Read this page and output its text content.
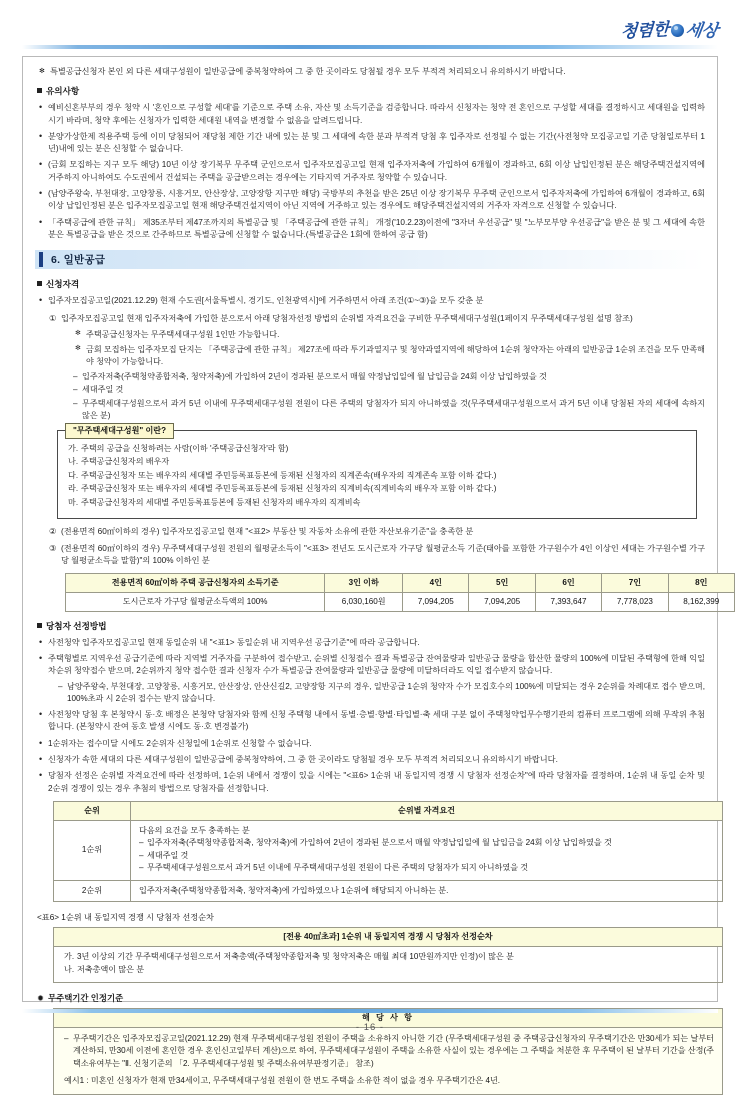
청렴한 세상
✻ 특별공급신청자 본인 외 다른 세대구성원이 일반공급에 중복청약하여 그 중 한 곳이라도 당첨될 경우 모두 부적격 처리되오니 유의하시기 바랍니다.
유의사항
• 예비신혼부부의 경우 청약 시 '혼인으로 구성할 세대'를 기준으로 주택 소유, 자산 및 소득기준을 검증합니다. 따라서 신청자는 청약 전 혼인으로 구성할 세대를 결정하시고 세대원을 입력하시기 바라며, 청약 후에는 신청자가 입력한 세대원 내역을 변경할 수 없음을 알려드립니다.
• 분양가상한제 적용주택 등에 이미 당첨되어 재당첨 제한 기간 내에 있는 분 및 그 세대에 속한 분과 부적격 당첨 후 입주자로 선정될 수 없는 기간(사전청약 모집공고일 기준 당첨일로부터 1년)내에 있는 분은 신청할 수 없습니다.
• (금회 모집하는 지구 모두 해당) 10년 이상 장기복무 무주택 군인으로서 입주자모집공고일 현재 입주자저축에 가입하여 6개월이 경과하고, 6회 이상 납입인정된 분은 해당주택건설지역에 거주하지 아니하여도 수도권에서 건설되는 주택을 공급받으려는 경우에는 기타지역 거주자로 청약할 수 있습니다.
• (남양주왕숙, 부천대장, 고양창릉, 시흥거모, 안산장상, 고양장항 지구만 해당) 국방부의 추천을 받은 25년 이상 장기복무 무주택 군인으로서 입주자저축에 가입하여 6개월이 경과하고, 6회 이상 납입인정된 분은 입주자모집공고일 현재 해당주택건설지역이 아닌 지역에 거주하고 있는 경우에도 해당주택건설지역의 거주자 자격으로 신청할 수 있습니다.
• 「주택공급에 관한 규칙」 제35조부터 제47조까지의 특별공급 및 「주택공급에 관한 규칙」 개정('10.2.23)이전에 "3자녀 우선공급" 및 "노부모부양 우선공급"을 받은 분 및 그 세대에 속한 분은 특별공급을 받은 것으로 간주하므로 특별공급에 신청할 수 없습니다.(특별공급은 1회에 한하여 공급 함)
6. 일반공급
신청자격
• 입주자모집공고일(2021.12.29) 현재 수도권[서울특별시, 경기도, 인천광역시]에 거주하면서 아래 조건(①~③)을 모두 갖춘 분
① 입주자모집공고일 현재 입주자저축에 가입한 분으로서 아래 당첨자선정 방법의 순위별 자격요건을 구비한 무주택세대구성원(1페이지 무주택세대구성원 설명 참조)
✻ 주택공급신청자는 무주택세대구성원 1인만 가능합니다.
✻ 금회 모집하는 입주자모집 단지는 「주택공급에 관한 규칙」 제27조에 따라 투기과열지구 및 청약과열지역에 해당하여 1순위 청약자는 아래의 일반공급 1순위 조건을 모두 만족해야 청약이 가능합니다.
– 입주자저축(주택청약종합저축, 청약저축)에 가입하여 2년이 경과된 분으로서 매월 약정납입일에 월 납입금을 24회 이상 납입하였을 것
– 세대주일 것
– 무주택세대구성원으로서 과거 5년 이내에 무주택세대구성원 전원이 다른 주택의 당첨자가 되지 아니하였을 것(무주택세대구성원으로서 과거 5년 이내 당첨된 자의 세대에 속하지 않은 분)
"무주택세대구성원" 이란?
가. 주택의 공급을 신청하려는 사람(이하 '주택공급신청자'라 함)
나. 주택공급신청자의 배우자
다. 주택공급신청자 또는 배우자의 세대별 주민등록표등본에 등재된 신청자의 직계존속(배우자의 직계존속 포함 이하 같다.)
라. 주택공급신청자 또는 배우자의 세대별 주민등록표등본에 등재된 신청자의 직계비속(직계비속의 배우자 포함 이하 같다.)
마. 주택공급신청자의 세대별 주민등록표등본에 등재된 신청자의 배우자의 직계비속
② (전용면적 60㎡이하의 경우) 입주자모집공고일 현재 "<표2> 부동산 및 자동차 소유에 관한 자산보유기준"을 충족한 분
③ (전용면적 60㎡이하의 경우) 무주택세대구성원 전원의 월평균소득이 "<표3> 전년도 도시근로자 가구당 월평균소득 기준(태아를 포함한 가구원수가 4인 이상인 세대는 가구원수별 가구당 월평균소득을 말함)"의 100% 이하인 분
전용면적 60㎡이하 주택 공급신청자의 소득기준	3인 이하	4인	5인	6인	7인	8인
도시근로자 가구당 월평균소득액의 100%	6,030,160원	7,094,205	7,094,205	7,393,647	7,778,023	8,162,399
당첨자 선정방법
• 사전청약 입주자모집공고일 현재 동일순위 내 "<표1> 동일순위 내 지역우선 공급기준"에 따라 공급합니다.
• 주택형별로 지역우선 공급기준에 따라 지역별 거주자를 구분하여 접수받고, 순위별 신청접수 결과 특별공급 잔여물량과 일반공급 물량을 합산한 물량의 100%에 미달된 주택형에 한해 익일 차순위 청약접수 받으며, 2순위까지 청약 접수한 결과 신청자 수가 특별공급 잔여물량과 일반공급 물량에 미달하더라도 익일 접수받지 않습니다.
– 남양주왕숙, 부천대장, 고양창릉, 시흥거모, 안산장상, 안산신길2, 고양장항 지구의 경우, 일반공급 1순위 청약자 수가 모집호수의 100%에 미달되는 경우 2순위를 차례대로 접수 받으며, 100%초과 시 2순위 접수는 받지 않습니다.
• 사전청약 당첨 후 본청약시 동·호 배정은 본청약 당첨자와 함께 신청 주택형 내에서 동별·층별·향별·타입별·축 세대 구분 없이 주택청약업무수행기관의 컴퓨터 프로그램에 의해 무작위 추첨합니다. (본청약시 잔여 동호 발생 시에도 동·호 변경불가)
• 1순위자는 접수미달 시에도 2순위자 신청일에 1순위로 신청할 수 없습니다.
• 신청자가 속한 세대의 다른 세대구성원이 일반공급에 중복청약하여, 그 중 한 곳이라도 당첨될 경우 모두 부적격 처리되오니 유의하시기 바랍니다.
• 당첨자 선정은 순위별 자격요건에 따라 선정하며, 1순위 내에서 경쟁이 있을 시에는 "<표6> 1순위 내 동일지역 경쟁 시 당첨자 선정순차"에 따라 당첨자를 결정하며, 1순위 내 동일 순차 및 2순위 경쟁이 있는 경우 추첨의 방법으로 당첨자를 선정합니다.
순위	순위별 자격요건
1순위	다음의 요건을 모두 충족하는 분
– 입주자저축(주택청약종합저축, 청약저축)에 가입하여 2년이 경과된 분으로서 매월 약정납입일에 월 납입금을 24회 이상 납입하였을 것
– 세대주일 것
– 무주택세대구성원으로서 과거 5년 이내에 무주택세대구성원 전원이 다른 주택의 당첨자가 되지 아니하였을 것

2순위	입주자저축(주택청약종합저축, 청약저축)에 가입하였으나 1순위에 해당되지 아니하는 분.
<표6> 1순위 내 동일지역 경쟁 시 당첨자 선정순차
[전용 40㎡초과] 1순위 내 동일지역 경쟁 시 당첨자 선정순차

가. 3년 이상의 기간 무주택세대구성원으로서 저축총액(주택청약종합저축 및 청약저축은 매월 최대 10만원까지만 인정)이 많은 분
나. 저축총액이 많은 분
✹ 무주택기간 인정기준
해 당 사 항

– 무주택기간은 입주자모집공고일(2021.12.29) 현재 무주택세대구성원 전원이 주택을 소유하지 아니한 기간 (무주택세대구성원 중 주택공급신청자의 무주택기간은 만30세가 되는 날부터 계산하되, 만30세 이전에 혼인한 경우 혼인신고일부터 계산)으로 하여, 무주택세대구성원이 주택을 소유한 사실이 있는 경우에는 그 주택을 처분한 후 무주택이 된 날부터 기간을 산정(주택소유여부는 "Ⅱ. 신청기준의 「2. 무주택세대구성원 및 주택소유여부판정기준」 참조)

예시1 : 미혼인 신청자가 현재 만34세이고, 무주택세대구성원 전원이 한 번도 주택을 소유한 적이 없을 경우 무주택기간은 4년.

- 16 -
